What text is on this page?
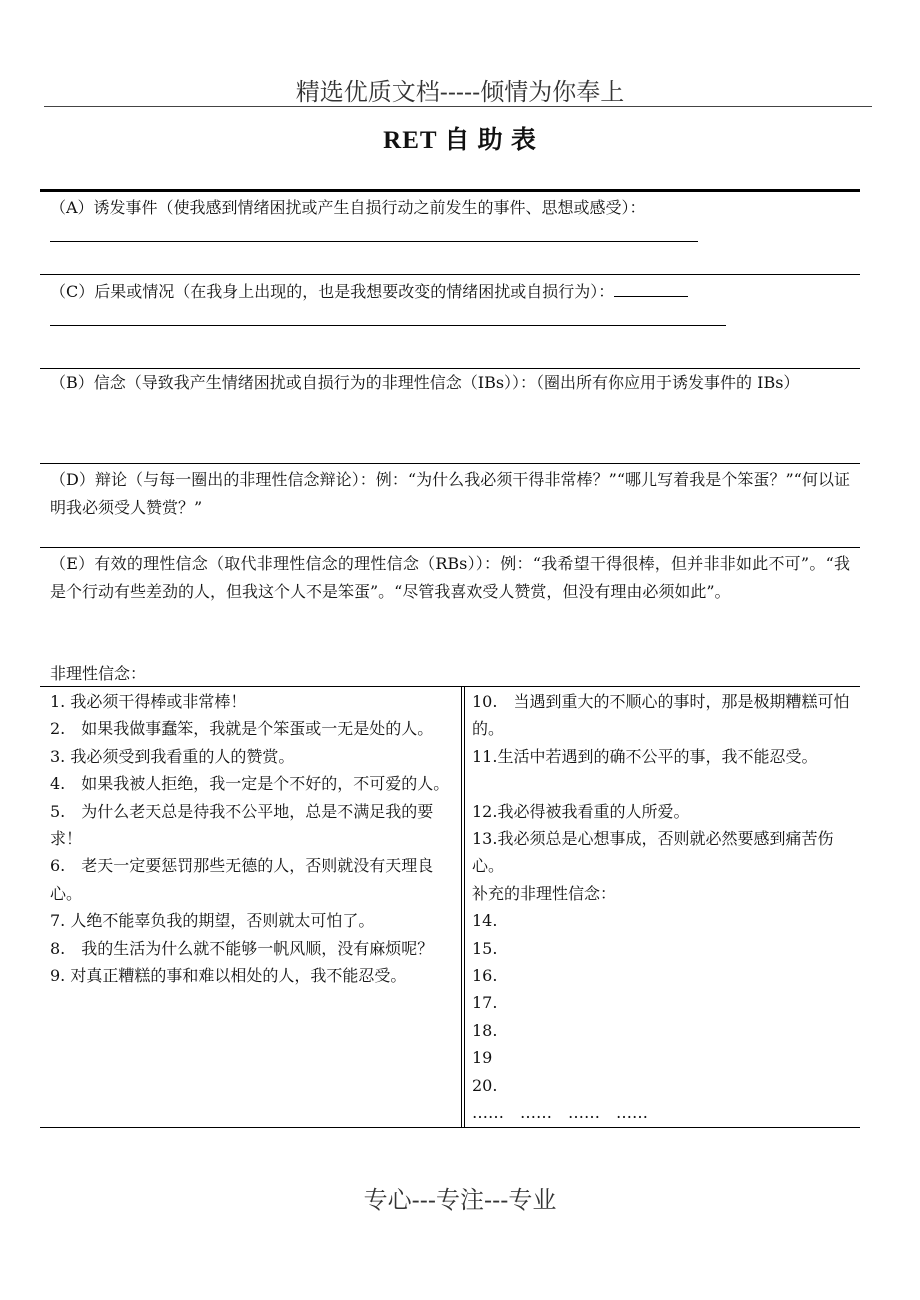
精选优质文档-----倾情为你奉上
RET 自 助 表
（A）诱发事件（使我感到情绪困扰或产生自损行动之前发生的事件、思想或感受）：
（C）后果或情况（在我身上出现的，也是我想要改变的情绪困扰或自损行为）：
（B）信念（导致我产生情绪困扰或自损行为的非理性信念（IBs））：（圈出所有你应用于诱发事件的 IBs）
（D）辩论（与每一圈出的非理性信念辩论）：例：“为什么我必须干得非常棒？”“哪儿写着我是个笨蛋？”“何以证明我必须受人赞赏？”
（E）有效的理性信念（取代非理性信念的理性信念（RBs））：例：“我希望干得很棒，但并非非如此不可”。“我是个行动有些差劲的人，但我这个人不是笨蛋”。“尽管我喜欢受人赞赏，但没有理由必须如此”。
非理性信念：
1. 我必须干得棒或非常棒！
2.　如果我做事蠢笨，我就是个笨蛋或一无是处的人。
3. 我必须受到我看重的人的赞赏。
4.　如果我被人拒绝，我一定是个不好的，不可爱的人。
5.　为什么老天总是待我不公平地，总是不满足我的要求！
6.　老天一定要惩罚那些无德的人，否则就没有天理良心。
7. 人绝不能辜负我的期望，否则就太可怕了。
8.　我的生活为什么就不能够一帆风顺，没有麻烦呢？
9. 对真正糟糕的事和难以相处的人，我不能忍受。
10.　当遇到重大的不顺心的事时，那是极期糟糕可怕的。
11.生活中若遇到的确不公平的事，我不能忍受。
12.我必得被我看重的人所爱。
13.我必须总是心想事成，否则就必然要感到痛苦伤心。
补充的非理性信念：
14.
15.
16.
17.
18.
19
20.
……　……　……　……
专心---专注---专业
